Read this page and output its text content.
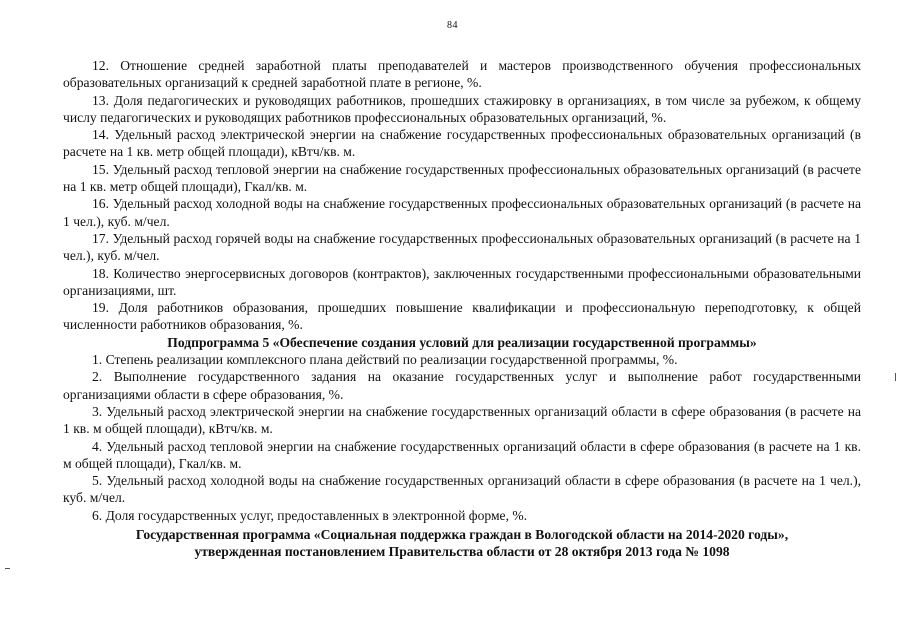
84

12. Отношение средней заработной платы преподавателей и мастеров производственного обучения профессиональных образовательных организаций к средней заработной плате в регионе, %.

13. Доля педагогических и руководящих работников, прошедших стажировку в организациях, в том числе за рубежом, к общему числу педагогических и руководящих работников профессиональных образовательных организаций, %.

14. Удельный расход электрической энергии на снабжение государственных профессиональных образовательных организаций (в расчете на 1 кв. метр общей площади), кВтч/кв. м.

15. Удельный расход тепловой энергии на снабжение государственных профессиональных образовательных организаций (в расчете на 1 кв. метр общей площади), Гкал/кв. м.

16. Удельный расход холодной воды на снабжение государственных профессиональных образовательных организаций (в расчете на 1 чел.), куб. м/чел.

17. Удельный расход горячей воды на снабжение государственных профессиональных образовательных организаций (в расчете на 1 чел.), куб. м/чел.

18. Количество энергосервисных договоров (контрактов), заключенных государственными профессиональными образовательными организациями, шт.

19. Доля работников образования, прошедших повышение квалификации и профессиональную переподготовку, к общей численности работников образования, %.

Подпрограмма 5 «Обеспечение создания условий для реализации государственной программы»

1. Степень реализации комплексного плана действий по реализации государственной программы, %.

2. Выполнение государственного задания на оказание государственных услуг и выполнение работ государственными организациями области в сфере образования, %.

3. Удельный расход электрической энергии на снабжение государственных организаций области в сфере образования (в расчете на 1 кв. м общей площади), кВтч/кв. м.

4. Удельный расход тепловой энергии на снабжение государственных организаций области в сфере образования (в расчете на 1 кв. м общей площади), Гкал/кв. м.

5. Удельный расход холодной воды на снабжение государственных организаций области в сфере образования (в расчете на 1 чел.), куб. м/чел.

6. Доля государственных услуг, предоставленных в электронной форме, %.

Государственная программа «Социальная поддержка граждан в Вологодской области на 2014-2020 годы»,

утвержденная постановлением Правительства области от 28 октября 2013 года № 1098
